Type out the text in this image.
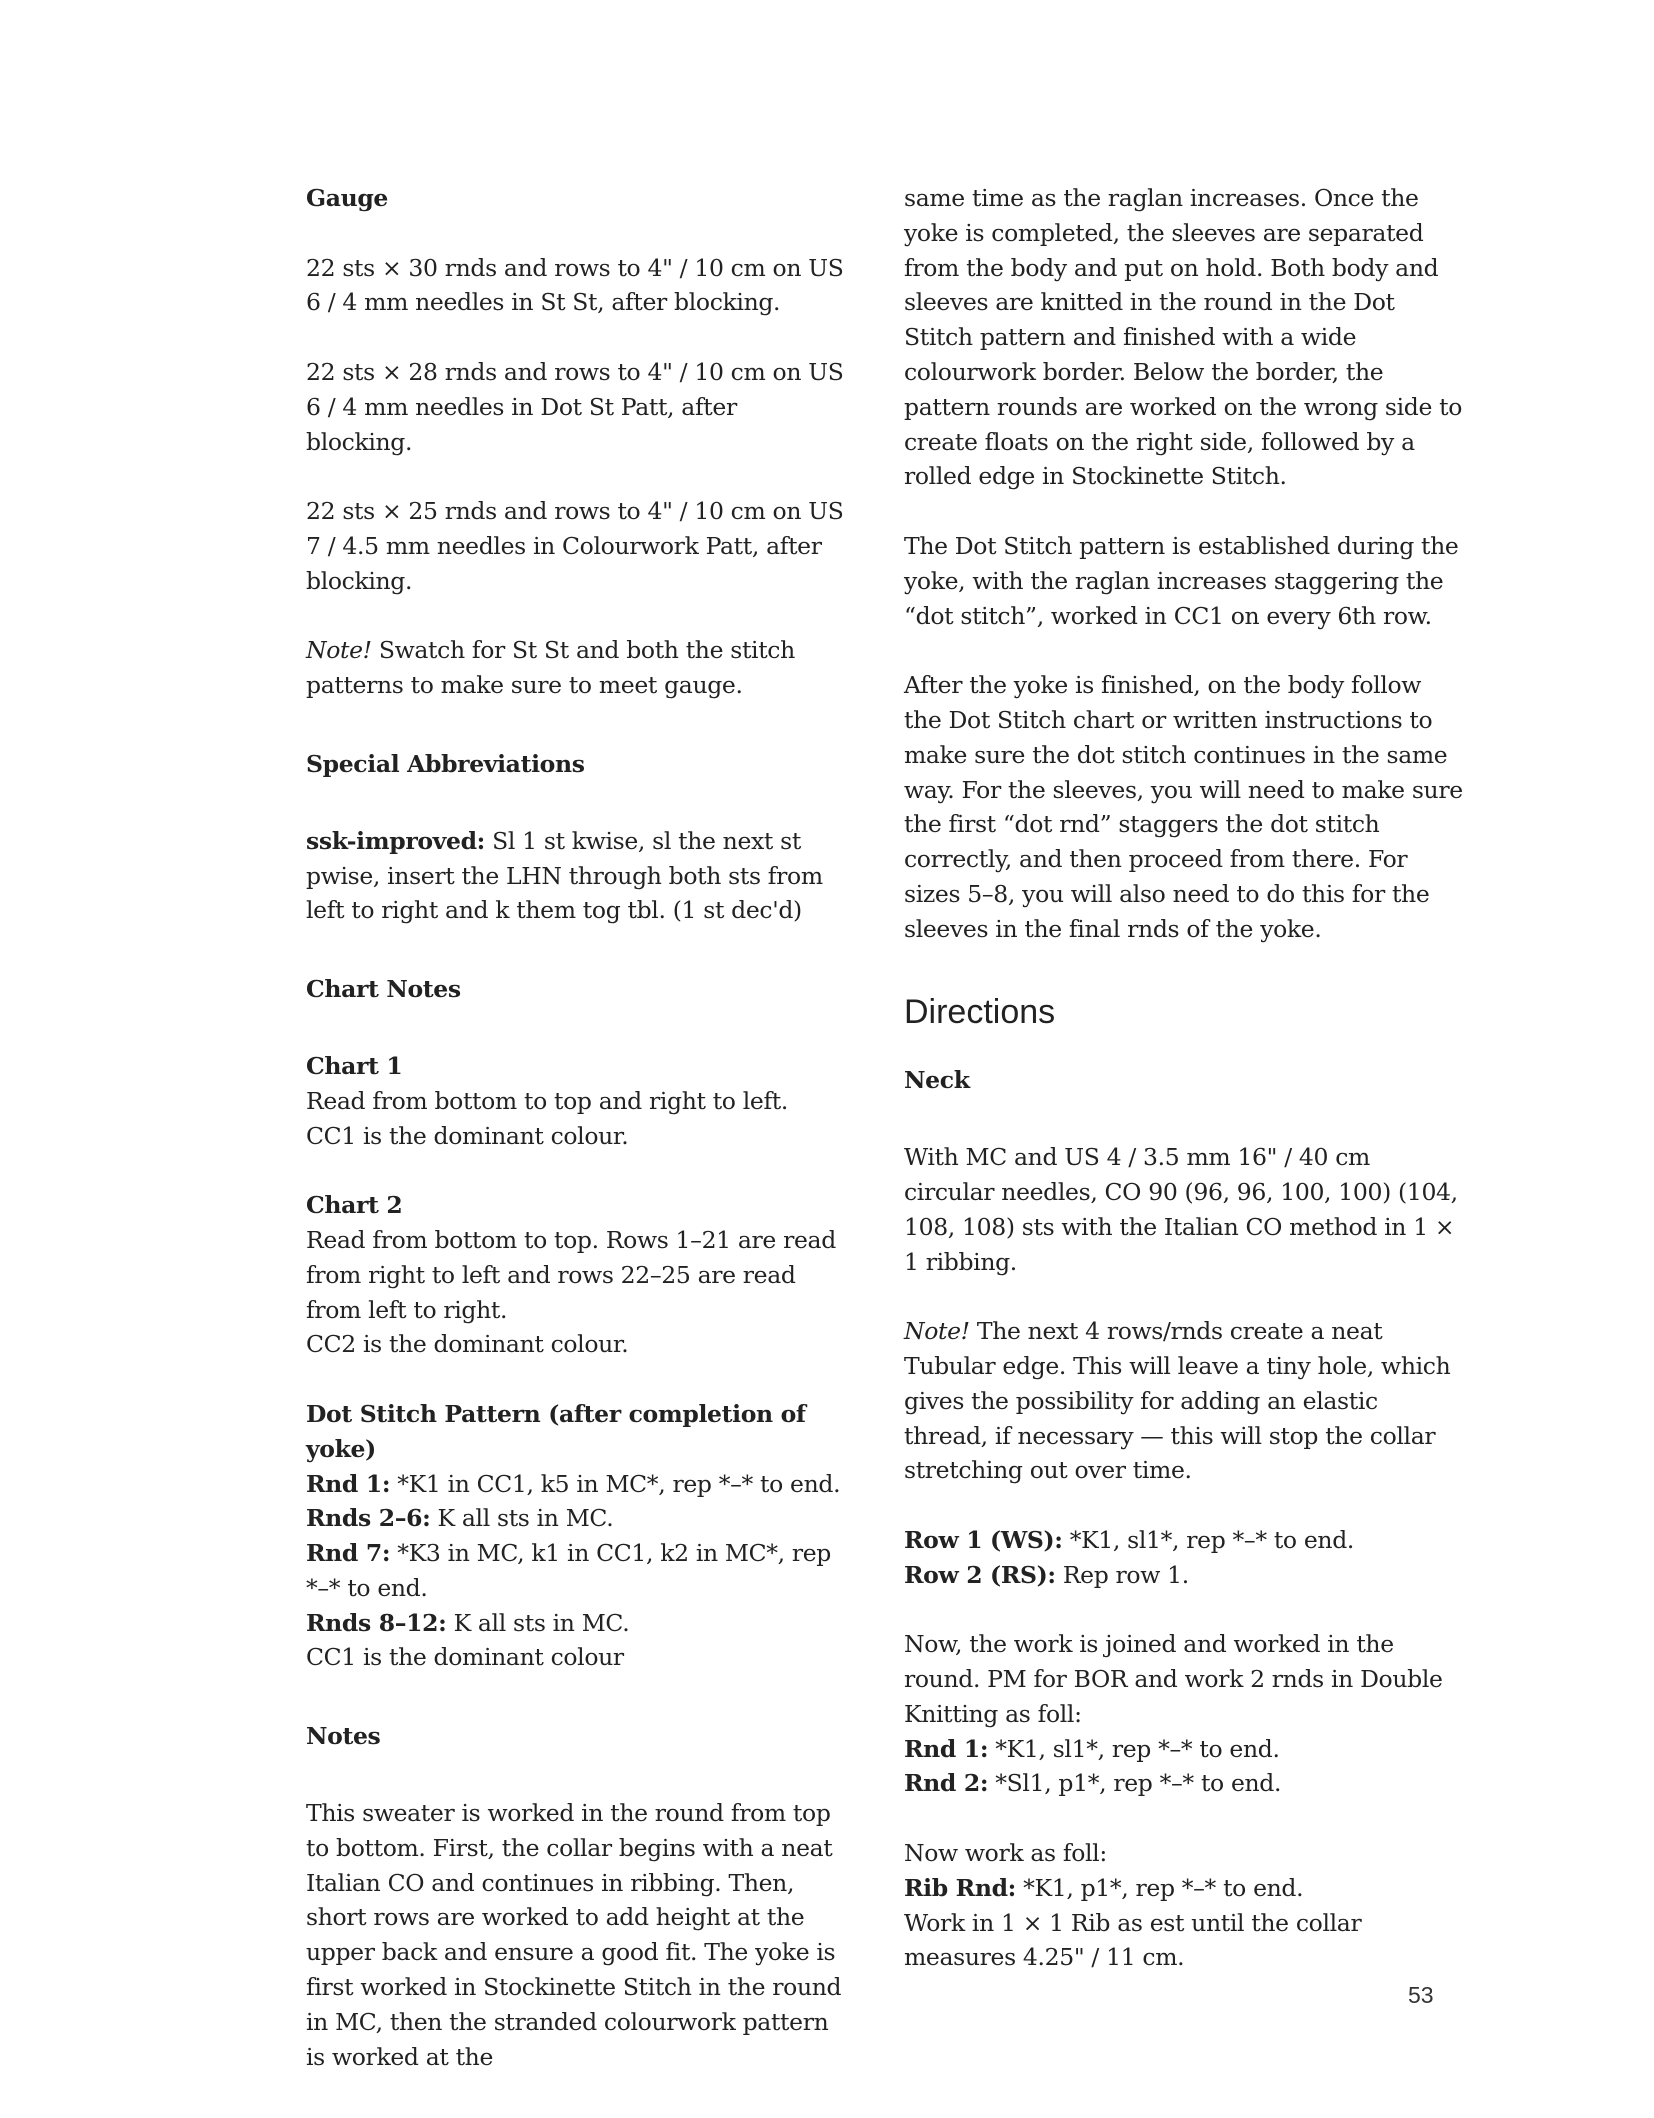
Gauge
22 sts × 30 rnds and rows to 4" / 10 cm on US 6 / 4 mm needles in St St, after blocking.
22 sts × 28 rnds and rows to 4" / 10 cm on US 6 / 4 mm needles in Dot St Patt, after blocking.
22 sts × 25 rnds and rows to 4" / 10 cm on US 7 / 4.5 mm needles in Colourwork Patt, after blocking.
Note! Swatch for St St and both the stitch patterns to make sure to meet gauge.
Special Abbreviations
ssk-improved: Sl 1 st kwise, sl the next st pwise, insert the LHN through both sts from left to right and k them tog tbl. (1 st dec'd)
Chart Notes

Chart 1

Read from bottom to top and right to left.

CC1 is the dominant colour.

Chart 2

Read from bottom to top. Rows 1–21 are read from right to left and rows 22–25 are read from left to right.

CC2 is the dominant colour.

Dot Stitch Pattern (after completion of yoke)

Rnd 1: *K1 in CC1, k5 in MC*, rep *–* to end.

Rnds 2–6: K all sts in MC.

Rnd 7: *K3 in MC, k1 in CC1, k2 in MC*, rep *–* to end.

Rnds 8–12: K all sts in MC.

CC1 is the dominant colour

Notes
This sweater is worked in the round from top to bottom. First, the collar begins with a neat Italian CO and continues in ribbing. Then, short rows are worked to add height at the upper back and ensure a good fit. The yoke is first worked in Stockinette Stitch in the round in MC, then the stranded colourwork pattern is worked at the
same time as the raglan increases. Once the yoke is completed, the sleeves are separated from the body and put on hold. Both body and sleeves are knitted in the round in the Dot Stitch pattern and finished with a wide colourwork border. Below the border, the pattern rounds are worked on the wrong side to create floats on the right side, followed by a rolled edge in Stockinette Stitch.
The Dot Stitch pattern is established during the yoke, with the raglan increases staggering the “dot stitch”, worked in CC1 on every 6th row.
After the yoke is finished, on the body follow the Dot Stitch chart or written instructions to make sure the dot stitch continues in the same way. For the sleeves, you will need to make sure the first “dot rnd” staggers the dot stitch correctly, and then proceed from there. For sizes 5–8, you will also need to do this for the sleeves in the final rnds of the yoke.
Directions
Neck
With MC and US 4 / 3.5 mm 16" / 40 cm circular needles, CO 90 (96, 96, 100, 100) (104, 108, 108) sts with the Italian CO method in 1 × 1 ribbing.
Note! The next 4 rows/rnds create a neat Tubular edge. This will leave a tiny hole, which gives the possibility for adding an elastic thread, if necessary — this will stop the collar stretching out over time.

Row 1 (WS): *K1, sl1*, rep *–* to end.

Row 2 (RS): Rep row 1.

Now, the work is joined and worked in the round. PM for BOR and work 2 rnds in Double Knitting as foll:

Rnd 1: *K1, sl1*, rep *–* to end.

Rnd 2: *Sl1, p1*, rep *–* to end.

Now work as foll:

Rib Rnd: *K1, p1*, rep *–* to end.

Work in 1 × 1 Rib as est until the collar measures 4.25" / 11 cm.

53
